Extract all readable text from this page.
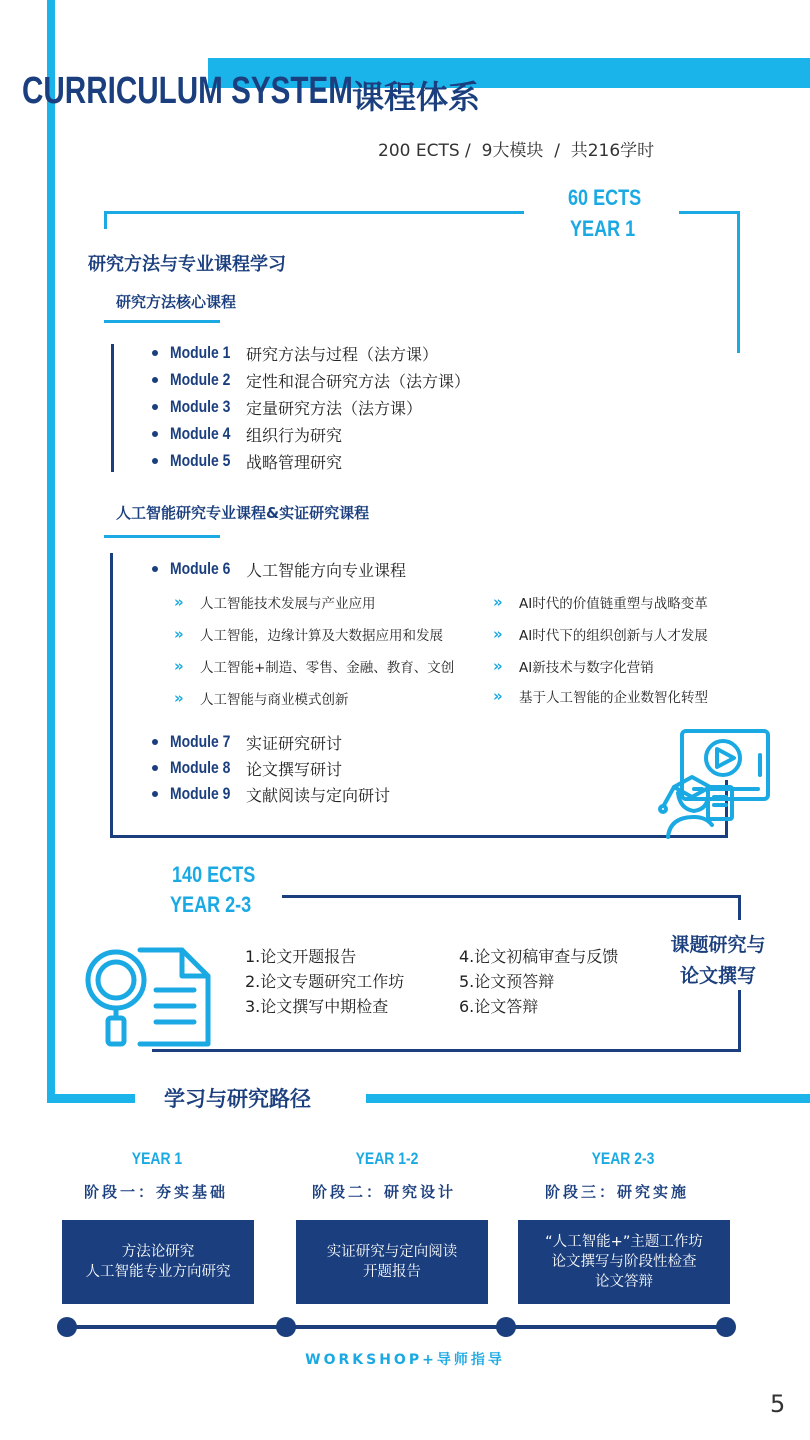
CURRICULUM SYSTEM 课程体系
200 ECTS /  9大模块  /  共216学时
60 ECTS
YEAR 1
研究方法与专业课程学习
研究方法核心课程
Module 1 研究方法与过程（法方课）
Module 2 定性和混合研究方法（法方课）
Module 3 定量研究方法（法方课）
Module 4 组织行为研究
Module 5 战略管理研究
人工智能研究专业课程&实证研究课程
Module 6 人工智能方向专业课程
»	人工智能技术发展与产业应用
»	人工智能，边缘计算及大数据应用和发展
»	人工智能+制造、零售、金融、教育、文创
»	人工智能与商业模式创新
»	AI时代的价值链重塑与战略变革
»	AI时代下的组织创新与人才发展
»	AI新技术与数字化营销
»	基于人工智能的企业数智化转型
Module 7 实证研究研讨
Module 8 论文撰写研讨
Module 9 文献阅读与定向研讨
140 ECTS
YEAR 2-3
1.论文开题报告
2.论文专题研究工作坊
3.论文撰写中期检查
4.论文初稿审查与反馈
5.论文预答辩
6.论文答辩
课题研究与
论文撰写
学习与研究路径
YEAR 1	YEAR 1-2	YEAR 2-3
阶段一：夯实基础	阶段二：研究设计	阶段三：研究实施
方法论研究
人工智能专业方向研究
实证研究与定向阅读
开题报告
“人工智能+”主题工作坊
论文撰写与阶段性检查
论文答辩
WORKSHOP+导师指导
5
